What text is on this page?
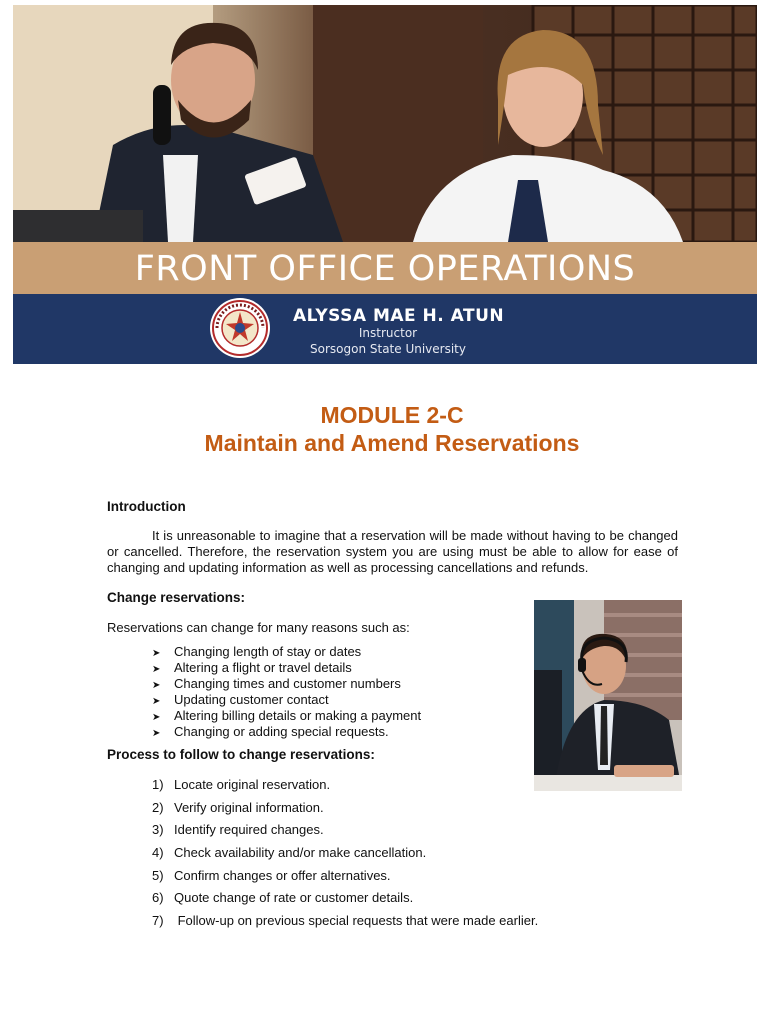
FRONT OFFICE OPERATIONS
ALYSSA MAE H. ATUN
Instructor
Sorsogon State University
MODULE 2-C
Maintain and Amend Reservations
Introduction

It is unreasonable to imagine that a reservation will be made without having to be changed or cancelled. Therefore, the reservation system you are using must be able to allow for ease of changing and updating information as well as processing cancellations and refunds.

Change reservations:

Reservations can change for many reasons such as:

➤ Changing length of stay or dates
➤ Altering a flight or travel details
➤ Changing times and customer numbers
➤ Updating customer contact
➤ Altering billing details or making a payment
➤ Changing or adding special requests.
Process to follow to change reservations:
1) Locate original reservation.
2) Verify original information.
3) Identify required changes.
4) Check availability and/or make cancellation.
5) Confirm changes or offer alternatives.
6) Quote change of rate or customer details.
7) Follow-up on previous special requests that were made earlier.
